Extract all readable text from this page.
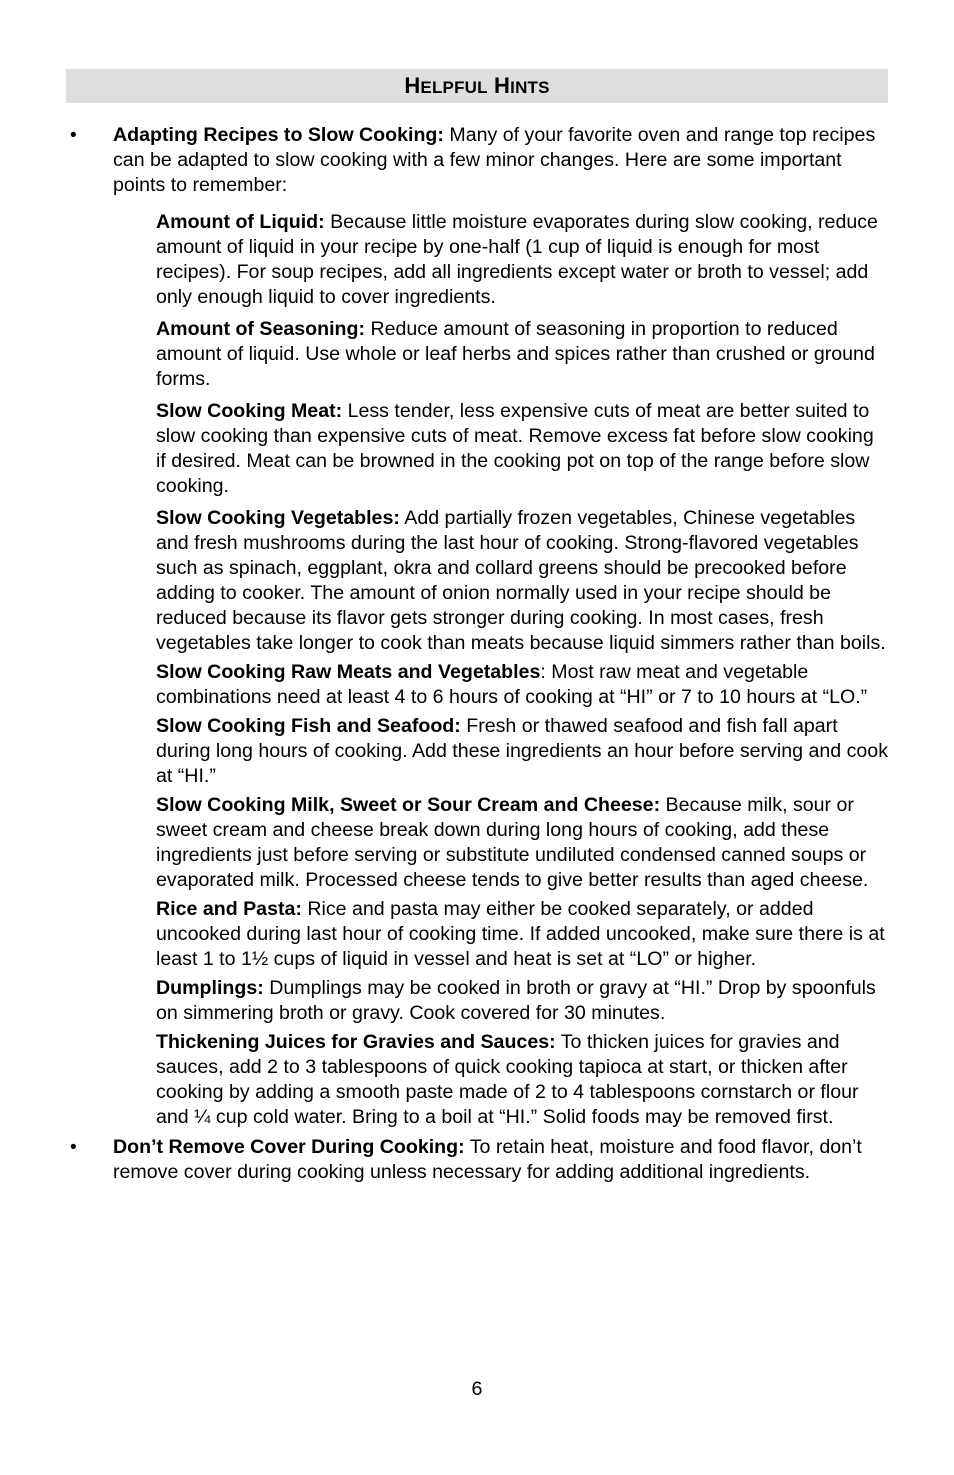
HELPFUL HINTS
• Adapting Recipes to Slow Cooking: Many of your favorite oven and range top recipes can be adapted to slow cooking with a few minor changes. Here are some important points to remember:
Amount of Liquid: Because little moisture evaporates during slow cooking, reduce amount of liquid in your recipe by one-half (1 cup of liquid is enough for most recipes). For soup recipes, add all ingredients except water or broth to vessel; add only enough liquid to cover ingredients.
Amount of Seasoning: Reduce amount of seasoning in proportion to reduced amount of liquid. Use whole or leaf herbs and spices rather than crushed or ground forms.
Slow Cooking Meat: Less tender, less expensive cuts of meat are better suited to slow cooking than expensive cuts of meat. Remove excess fat before slow cooking if desired. Meat can be browned in the cooking pot on top of the range before slow cooking.
Slow Cooking Vegetables: Add partially frozen vegetables, Chinese vegetables and fresh mushrooms during the last hour of cooking. Strong-flavored vegetables such as spinach, eggplant, okra and collard greens should be precooked before adding to cooker. The amount of onion normally used in your recipe should be reduced because its flavor gets stronger during cooking. In most cases, fresh vegetables take longer to cook than meats because liquid simmers rather than boils.
Slow Cooking Raw Meats and Vegetables: Most raw meat and vegetable combinations need at least 4 to 6 hours of cooking at “HI” or 7 to 10 hours at “LO.”
Slow Cooking Fish and Seafood: Fresh or thawed seafood and fish fall apart during long hours of cooking. Add these ingredients an hour before serving and cook at “HI.”
Slow Cooking Milk, Sweet or Sour Cream and Cheese: Because milk, sour or sweet cream and cheese break down during long hours of cooking, add these ingredients just before serving or substitute undiluted condensed canned soups or evaporated milk. Processed cheese tends to give better results than aged cheese.
Rice and Pasta: Rice and pasta may either be cooked separately, or added uncooked during last hour of cooking time. If added uncooked, make sure there is at least 1 to 1½ cups of liquid in vessel and heat is set at “LO” or higher.
Dumplings: Dumplings may be cooked in broth or gravy at “HI.” Drop by spoonfuls on simmering broth or gravy. Cook covered for 30 minutes.
Thickening Juices for Gravies and Sauces: To thicken juices for gravies and sauces, add 2 to 3 tablespoons of quick cooking tapioca at start, or thicken after cooking by adding a smooth paste made of 2 to 4 tablespoons cornstarch or flour and ¼ cup cold water. Bring to a boil at “HI.” Solid foods may be removed first.
• Don’t Remove Cover During Cooking: To retain heat, moisture and food flavor, don’t remove cover during cooking unless necessary for adding additional ingredients.
6
